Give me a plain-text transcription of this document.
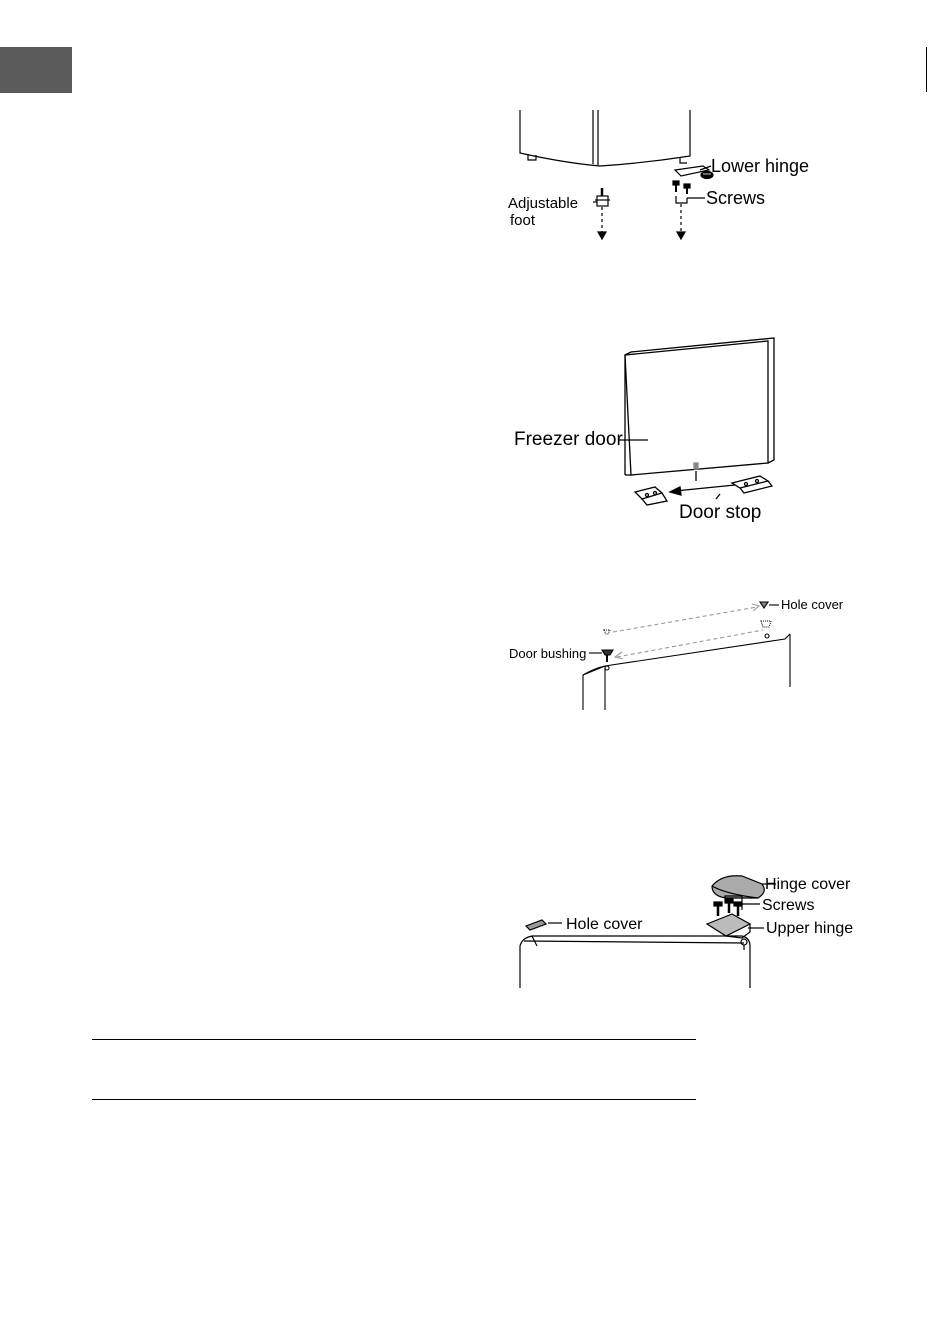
Lower hinge
Screws
Adjustable
foot
Freezer door
Door stop
Hole cover
Door bushing
Hole cover
Hinge cover
Screws
Upper hinge
